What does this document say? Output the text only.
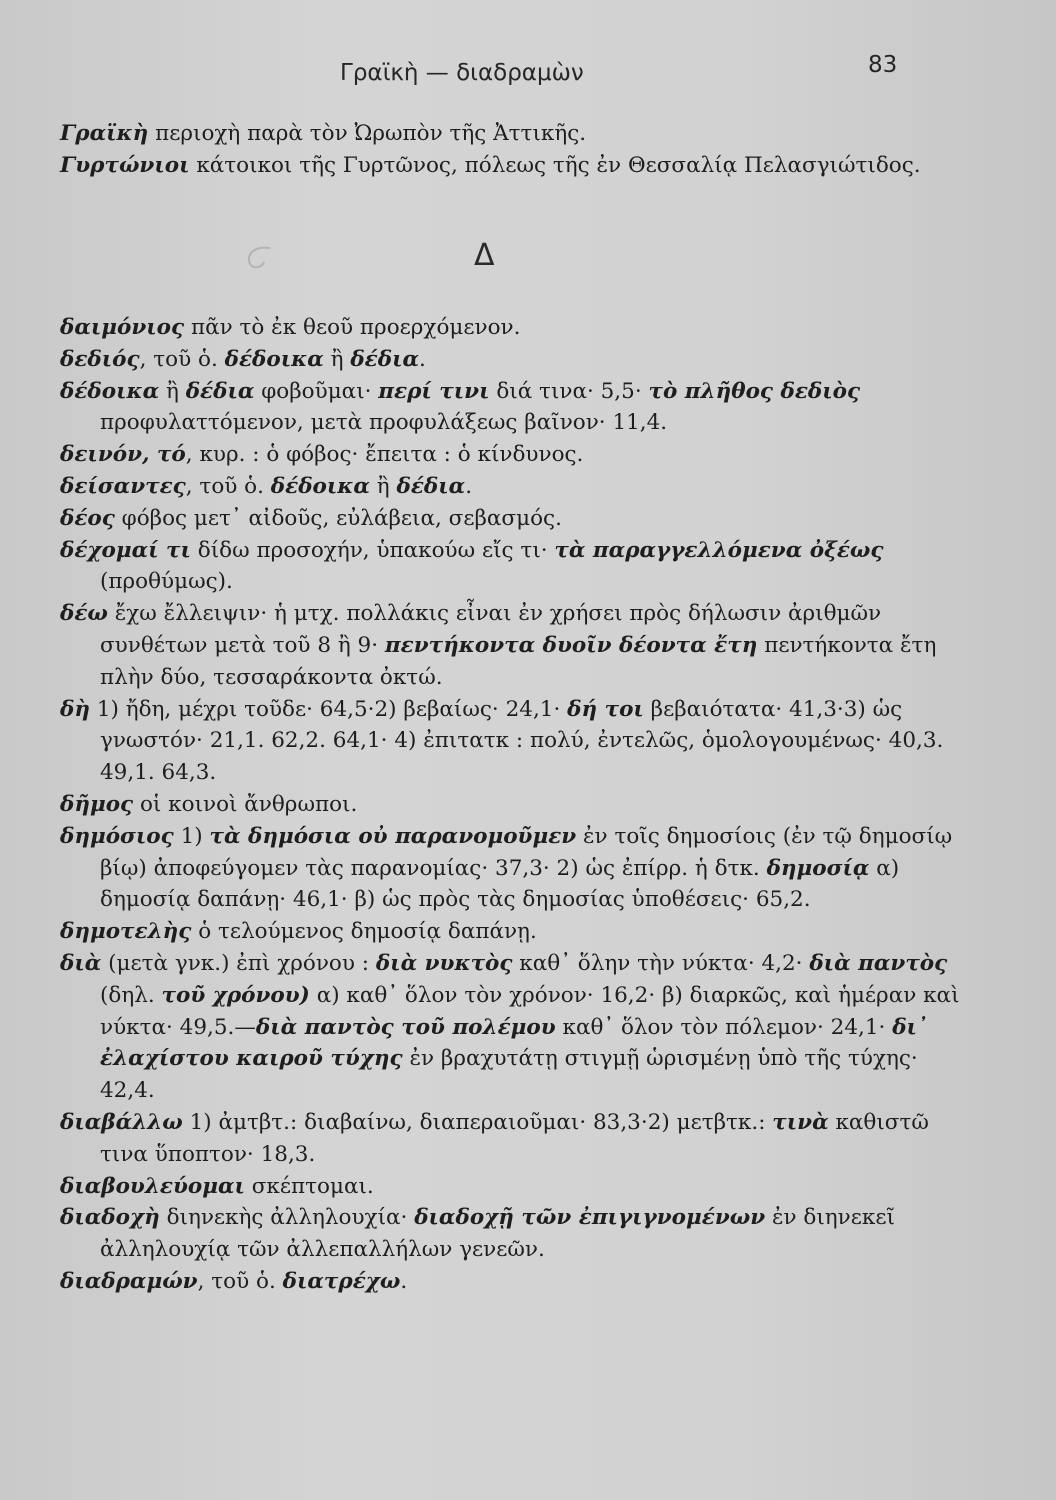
Γραϊκὴ — διαδραμὼν	83

Γραϊκὴ περιοχὴ παρὰ τὸν Ὠρωπὸν τῆς Ἀττικῆς.

Γυρτώνιοι κάτοικοι τῆς Γυρτῶνος, πόλεως τῆς ἐν Θεσσαλίᾳ Πελασγιώτιδος.

Δ

δαιμόνιος πᾶν τὸ ἐκ θεοῦ προερχόμενον.

δεδιός, τοῦ ὁ. δέδοικα ἢ δέδια.

δέδοικα ἢ δέδια φοβοῦμαι· περί τινι διά τινα· 5,5· τὸ πλῆθος δεδιὸς προφυλαττόμενον, μετὰ προφυλάξεως βαῖνον· 11,4.

δεινόν, τό, κυρ. : ὁ φόβος· ἔπειτα : ὁ κίνδυνος.

δείσαντες, τοῦ ὁ. δέδοικα ἢ δέδια.

δέος φόβος μετ᾽ αἰδοῦς, εὐλάβεια, σεβασμός.

δέχομαί τι δίδω προσοχήν, ὑπακούω εἴς τι· τὰ παραγγελλόμενα ὀξέως (προθύμως).

δέω ἔχω ἔλλειψιν· ἡ μτχ. πολλάκις εἶναι ἐν χρήσει πρὸς δήλωσιν ἀριθμῶν συνθέτων μετὰ τοῦ 8 ἢ 9· πεντήκοντα δυοῖν δέοντα ἔτη πεντήκοντα ἔτη πλὴν δύο, τεσσαράκοντα ὀκτώ.

δὴ 1) ἤδη, μέχρι τοῦδε· 64,5·2) βεβαίως· 24,1· δή τοι βεβαιότατα· 41,3·3) ὡς γνωστόν· 21,1. 62,2. 64,1· 4) ἐπιτατκ : πολύ, ἐντελῶς, ὁμολογουμένως· 40,3. 49,1. 64,3.

δῆμος οἱ κοινοὶ ἄνθρωποι.

δημόσιος 1) τὰ δημόσια οὐ παρανομοῦμεν ἐν τοῖς δημοσίοις (ἐν τῷ δημοσίῳ βίῳ) ἀποφεύγομεν τὰς παρανομίας· 37,3· 2) ὡς ἐπίρρ. ἡ δτκ. δημοσίᾳ α) δημοσίᾳ δαπάνῃ· 46,1· β) ὡς πρὸς τὰς δημοσίας ὑποθέσεις· 65,2.

δημοτελὴς ὁ τελούμενος δημοσίᾳ δαπάνῃ.

διὰ (μετὰ γνκ.) ἐπὶ χρόνου : διὰ νυκτὸς καθ᾽ ὅλην τὴν νύκτα· 4,2· διὰ παντὸς (δηλ. τοῦ χρόνου) α) καθ᾽ ὅλον τὸν χρόνον· 16,2· β) διαρκῶς, καὶ ἡμέραν καὶ νύκτα· 49,5.—διὰ παντὸς τοῦ πολέμου καθ᾽ ὅλον τὸν πόλεμον· 24,1· δι᾽ ἐλαχίστου καιροῦ τύχης ἐν βραχυτάτῃ στιγμῇ ὡρισμένῃ ὑπὸ τῆς τύχης· 42,4.

διαβάλλω 1) ἀμτβτ.: διαβαίνω, διαπεραιοῦμαι· 83,3·2) μετβτκ.: τινὰ καθιστῶ τινα ὕποπτον· 18,3.

διαβουλεύομαι σκέπτομαι.

διαδοχὴ διηνεκὴς ἀλληλουχία· διαδοχῇ τῶν ἐπιγιγνομένων ἐν διηνεκεῖ ἀλληλουχίᾳ τῶν ἀλλεπαλλήλων γενεῶν.

διαδραμών, τοῦ ὁ. διατρέχω.
